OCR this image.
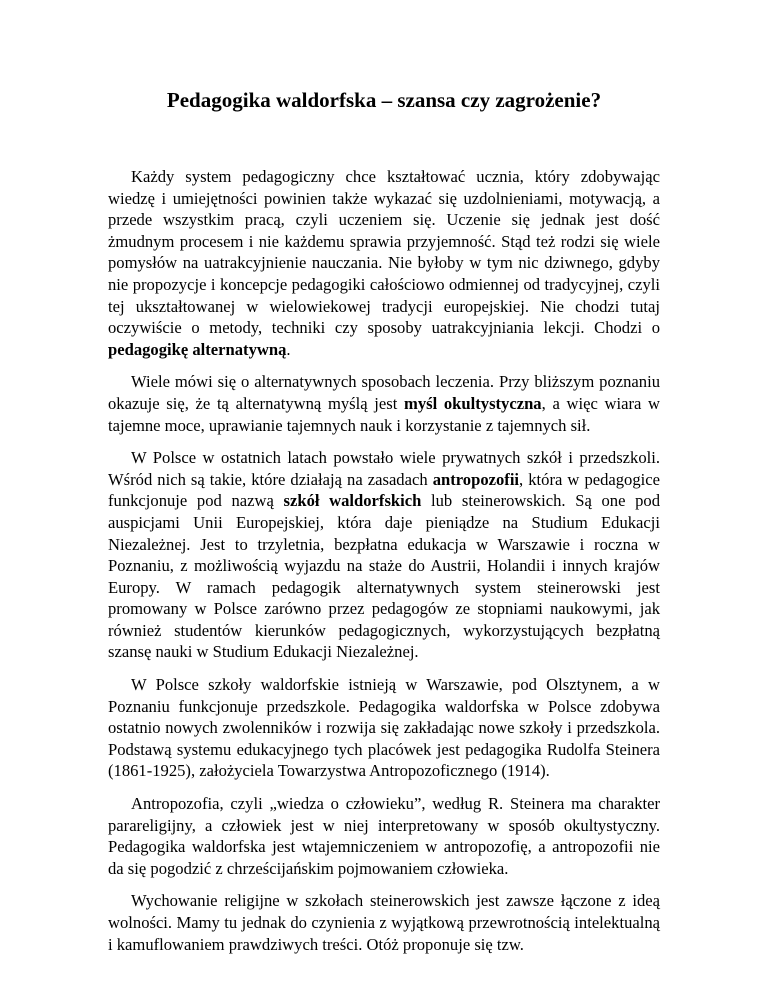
Pedagogika waldorfska – szansa czy zagrożenie?

Każdy system pedagogiczny chce kształtować ucznia, który zdobywając wiedzę i umiejętności powinien także wykazać się uzdolnieniami, motywacją, a przede wszystkim pracą, czyli uczeniem się. Uczenie się jednak jest dość żmudnym procesem i nie każdemu sprawia przyjemność. Stąd też rodzi się wiele pomysłów na uatrakcyjnienie nauczania. Nie byłoby w tym nic dziwnego, gdyby nie propozycje i koncepcje pedagogiki całościowo odmiennej od tradycyjnej, czyli tej ukształtowanej w wielowiekowej tradycji europejskiej. Nie chodzi tutaj oczywiście o metody, techniki czy sposoby uatrakcyjniania lekcji. Chodzi o pedagogikę alternatywną.

Wiele mówi się o alternatywnych sposobach leczenia. Przy bliższym poznaniu okazuje się, że tą alternatywną myślą jest myśl okultystyczna, a więc wiara w tajemne moce, uprawianie tajemnych nauk i korzystanie z tajemnych sił.

W Polsce w ostatnich latach powstało wiele prywatnych szkół i przedszkoli. Wśród nich są takie, które działają na zasadach antropozofii, która w pedagogice funkcjonuje pod nazwą szkół waldorfskich lub steinerowskich. Są one pod auspicjami Unii Europejskiej, która daje pieniądze na Studium Edukacji Niezależnej. Jest to trzyletnia, bezpłatna edukacja w Warszawie i roczna w Poznaniu, z możliwością wyjazdu na staże do Austrii, Holandii i innych krajów Europy. W ramach pedagogik alternatywnych system steinerowski jest promowany w Polsce zarówno przez pedagogów ze stopniami naukowymi, jak również studentów kierunków pedagogicznych, wykorzystujących bezpłatną szansę nauki w Studium Edukacji Niezależnej.

W Polsce szkoły waldorfskie istnieją w Warszawie, pod Olsztynem, a w Poznaniu funkcjonuje przedszkole. Pedagogika waldorfska w Polsce zdobywa ostatnio nowych zwolenników i rozwija się zakładając nowe szkoły i przedszkola. Podstawą systemu edukacyjnego tych placówek jest pedagogika Rudolfa Steinera (1861-1925), założyciela Towarzystwa Antropozoficznego (1914).

Antropozofia, czyli „wiedza o człowieku”, według R. Steinera ma charakter parareligijny, a człowiek jest w niej interpretowany w sposób okultystyczny. Pedagogika waldorfska jest wtajemniczeniem w antropozofię, a antropozofii nie da się pogodzić z chrześcijańskim pojmowaniem człowieka.

Wychowanie religijne w szkołach steinerowskich jest zawsze łączone z ideą wolności. Mamy tu jednak do czynienia z wyjątkową przewrotnością intelektualną i kamuflowaniem prawdziwych treści. Otóż proponuje się tzw.
